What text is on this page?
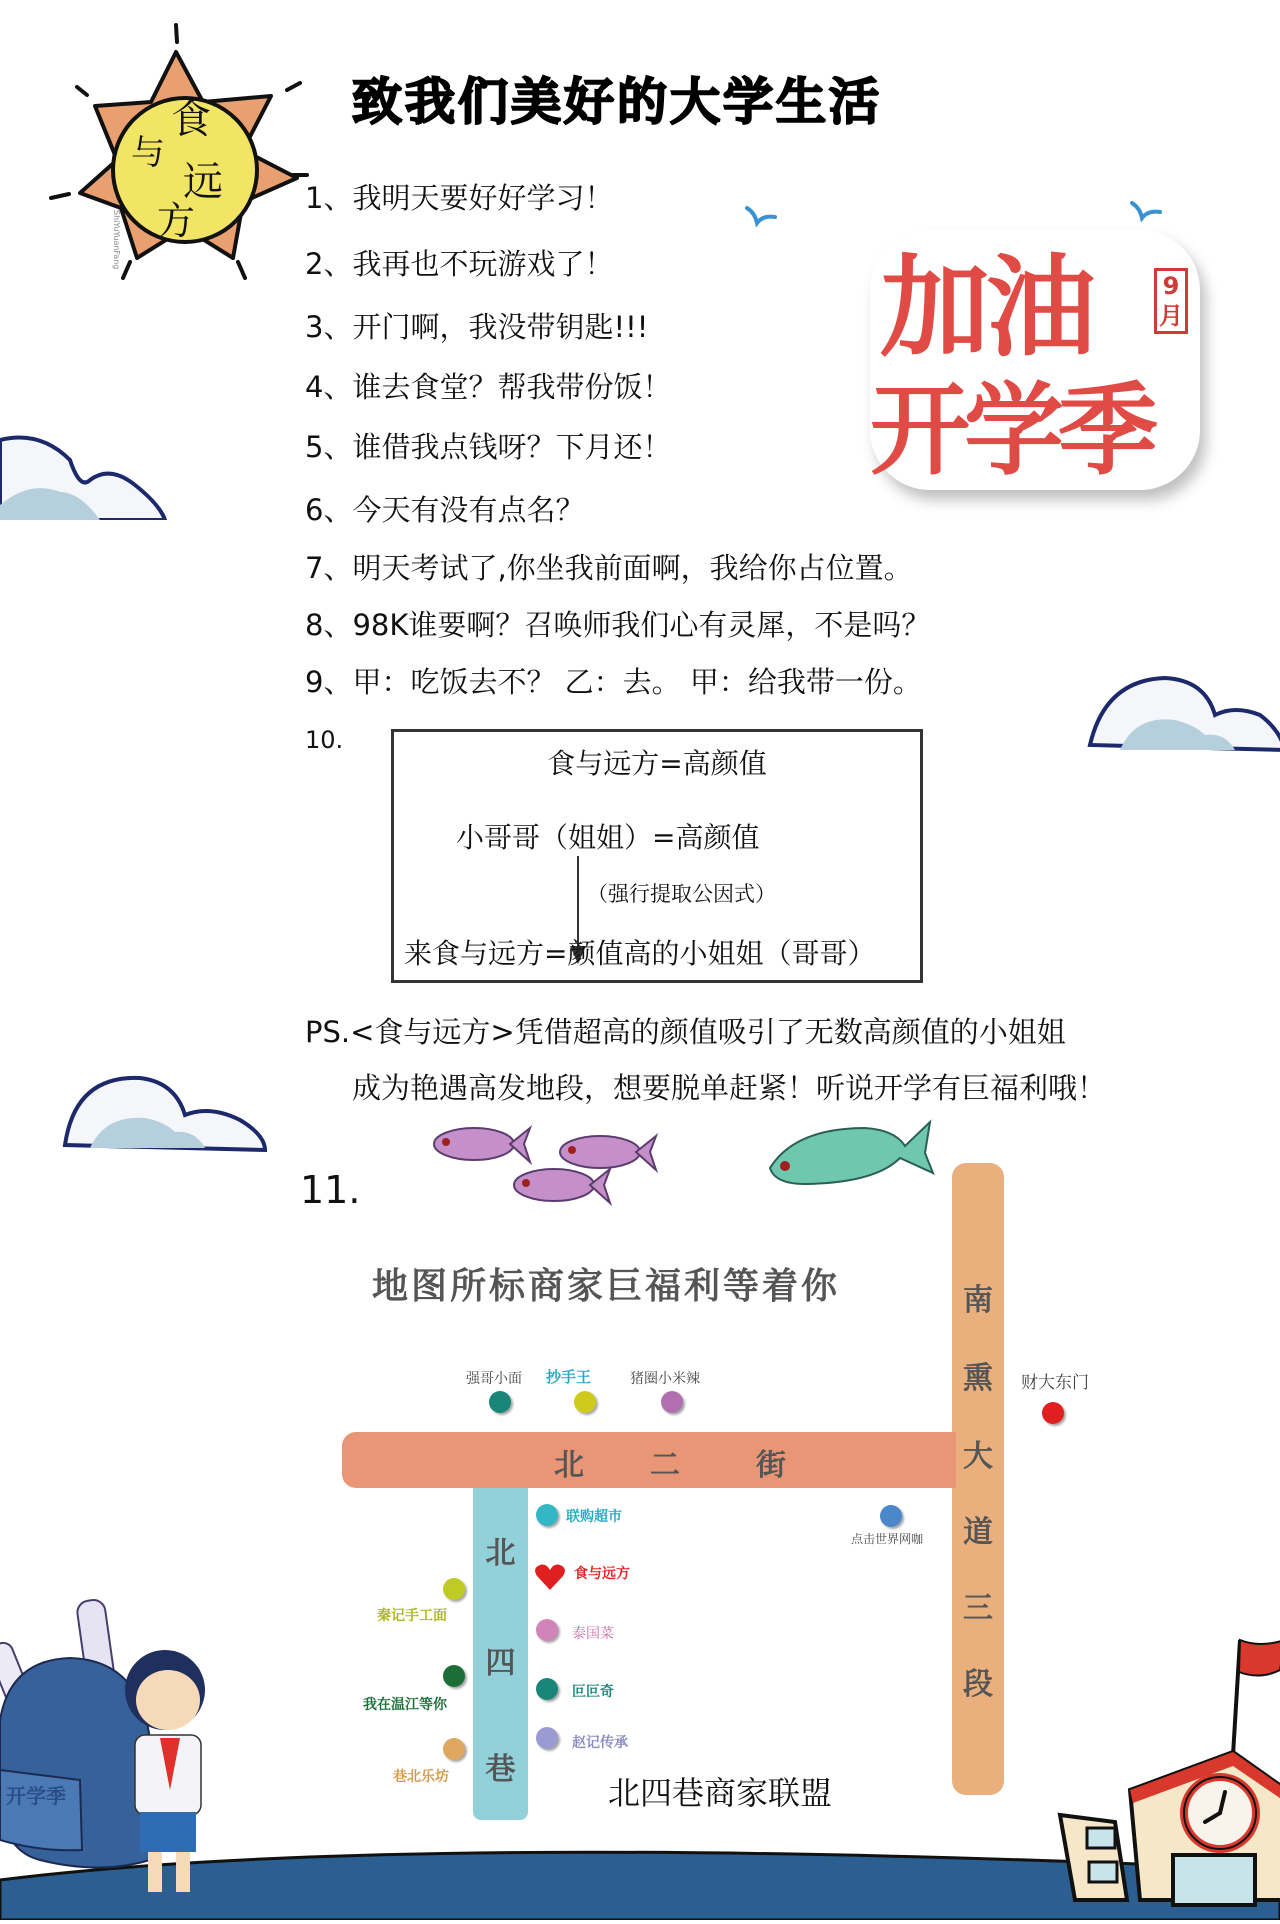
食
与
远
方
ShiYuYuanFang
致我们美好的大学生活
加油
开学季
9月
1、我明天要好好学习！
2、我再也不玩游戏了！
3、开门啊，我没带钥匙!!!
4、谁去食堂？帮我带份饭！
5、谁借我点钱呀？下月还！
6、今天有没有点名？
7、明天考试了,你坐我前面啊，我给你占位置。
8、98K谁要啊？召唤师我们心有灵犀，不是吗？
9、甲：吃饭去不？ 乙：去。 甲：给我带一份。
10.
食与远方=高颜值
小哥哥（姐姐）=高颜值
（强行提取公因式）
来食与远方=颜值高的小姐姐（哥哥）
PS.<食与远方>凭借超高的颜值吸引了无数高颜值的小姐姐
成为艳遇高发地段，想要脱单赶紧！听说开学有巨福利哦！
11.
地图所标商家巨福利等着你	南
熏
大
道
三
段
北 二	街
北
四
巷
强哥小面 抄手王	猪圈小米辣	财大东门
联购超市
食与远方
泰国菜
叵叵奇
赵记传承
秦记手工面
我在温江等你
巷北乐坊
点击世界网咖
北四巷商家联盟
开学季
